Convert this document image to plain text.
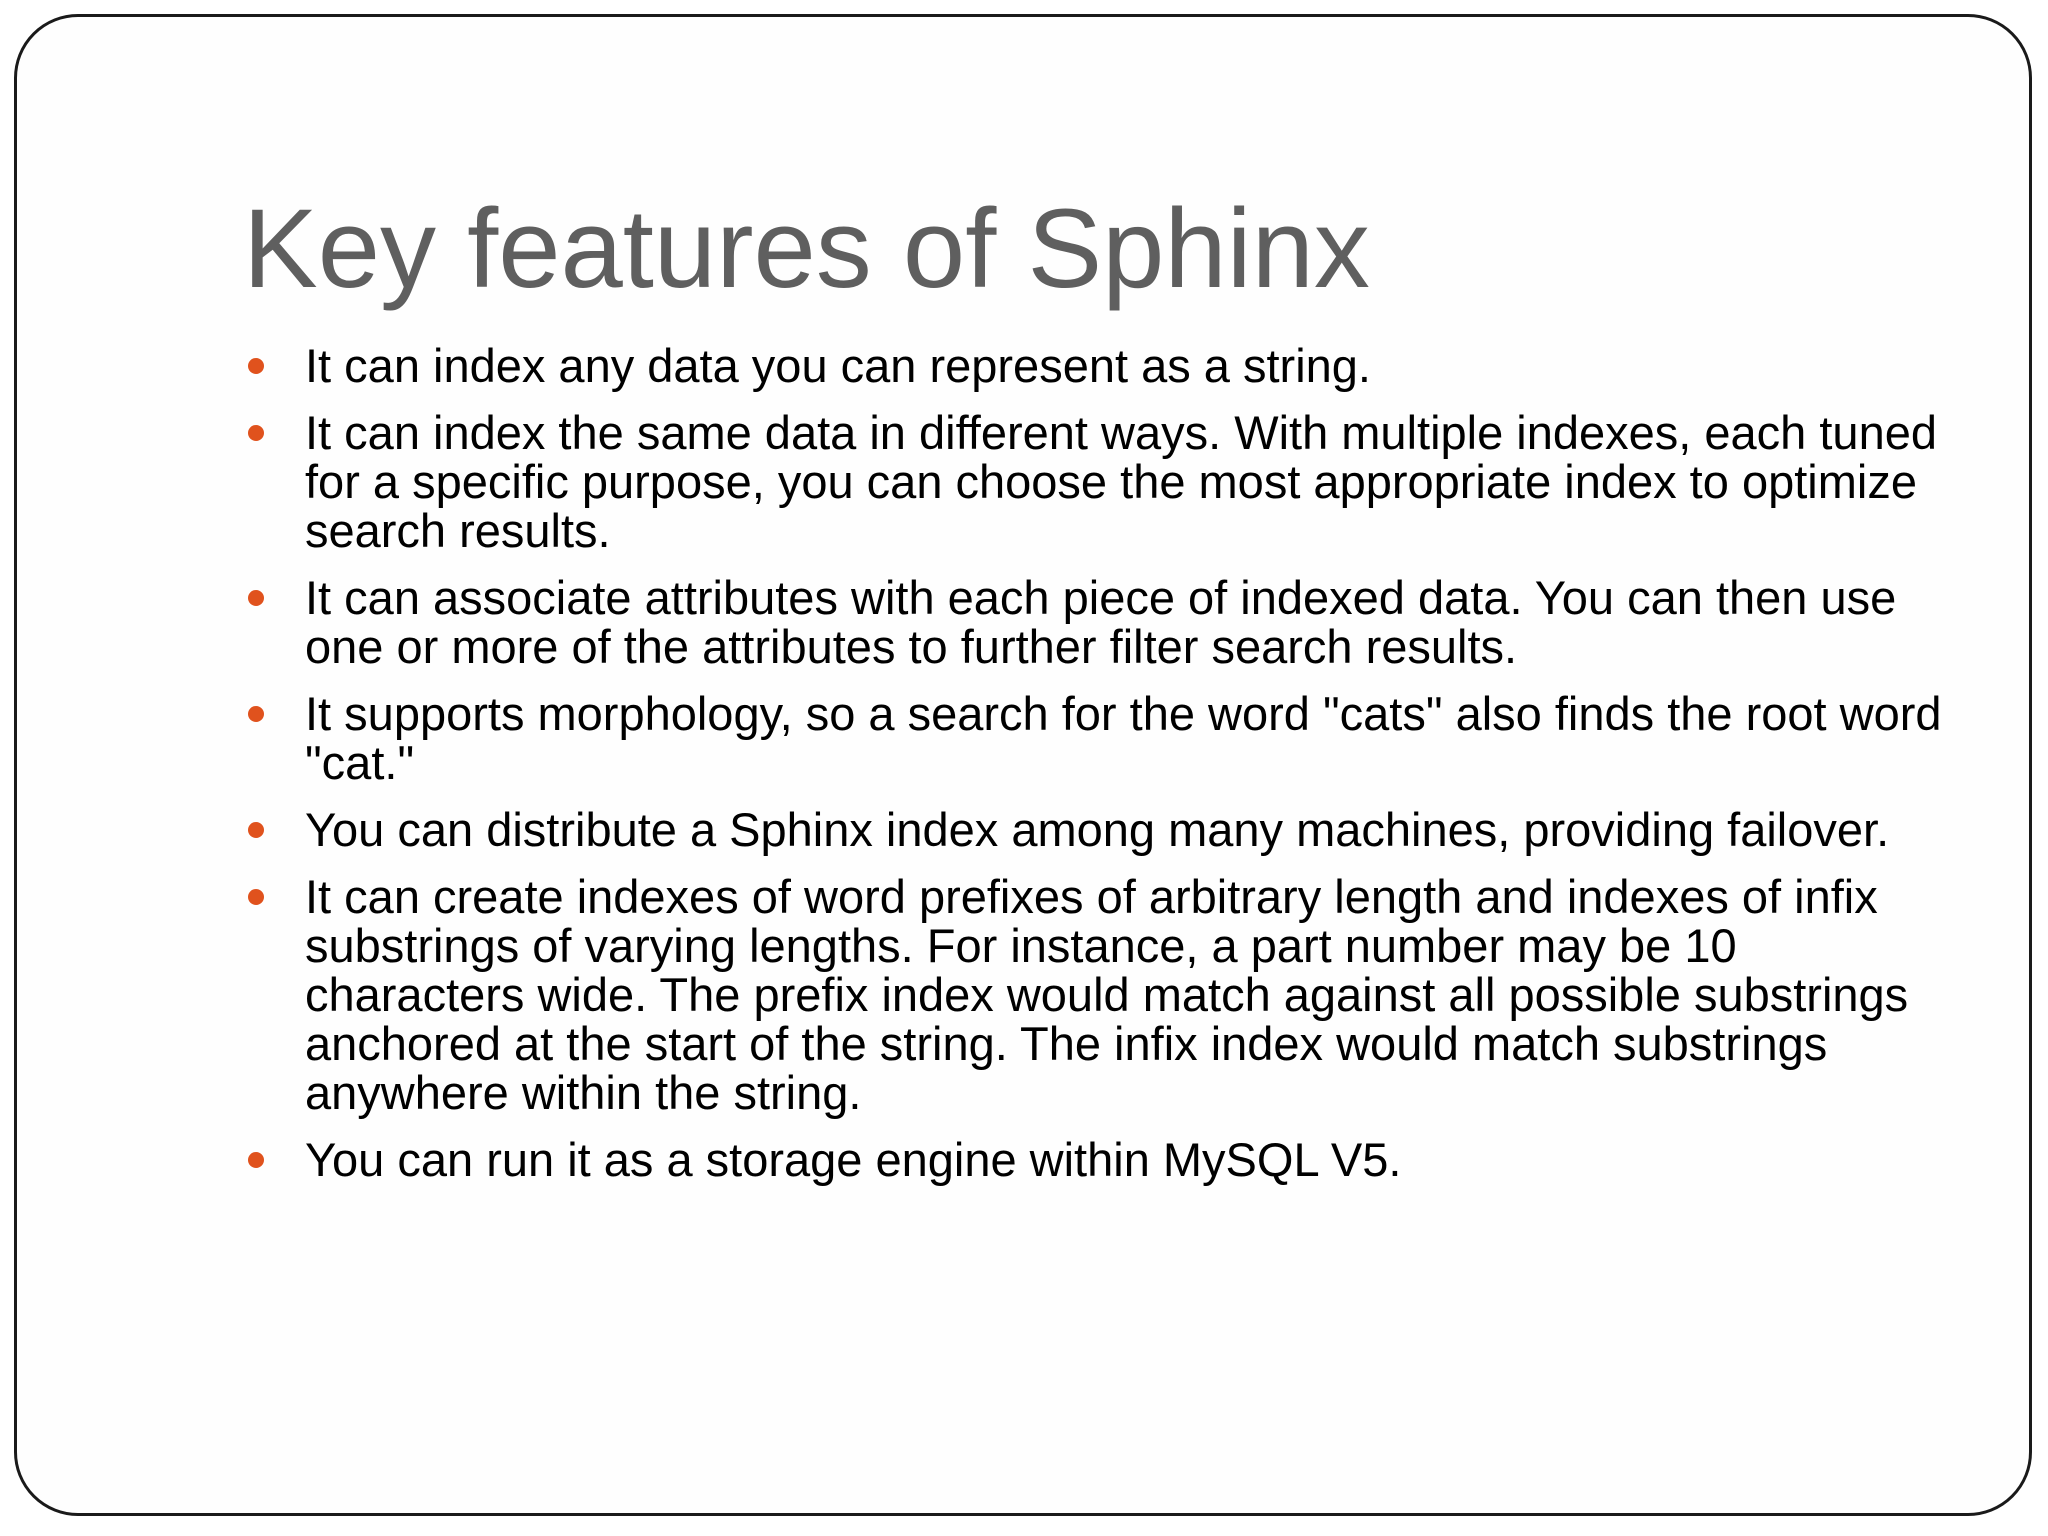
Key features of Sphinx
It can index any data you can represent as a string.
It can index the same data in different ways. With multiple indexes, each tuned for a specific purpose, you can choose the most appropriate index to optimize search results.
It can associate attributes with each piece of indexed data. You can then use one or more of the attributes to further filter search results.
It supports morphology, so a search for the word "cats" also finds the root word "cat."
You can distribute a Sphinx index among many machines, providing failover.
It can create indexes of word prefixes of arbitrary length and indexes of infix substrings of varying lengths. For instance, a part number may be 10 characters wide. The prefix index would match against all possible substrings anchored at the start of the string. The infix index would match substrings anywhere within the string.
You can run it as a storage engine within MySQL V5.
